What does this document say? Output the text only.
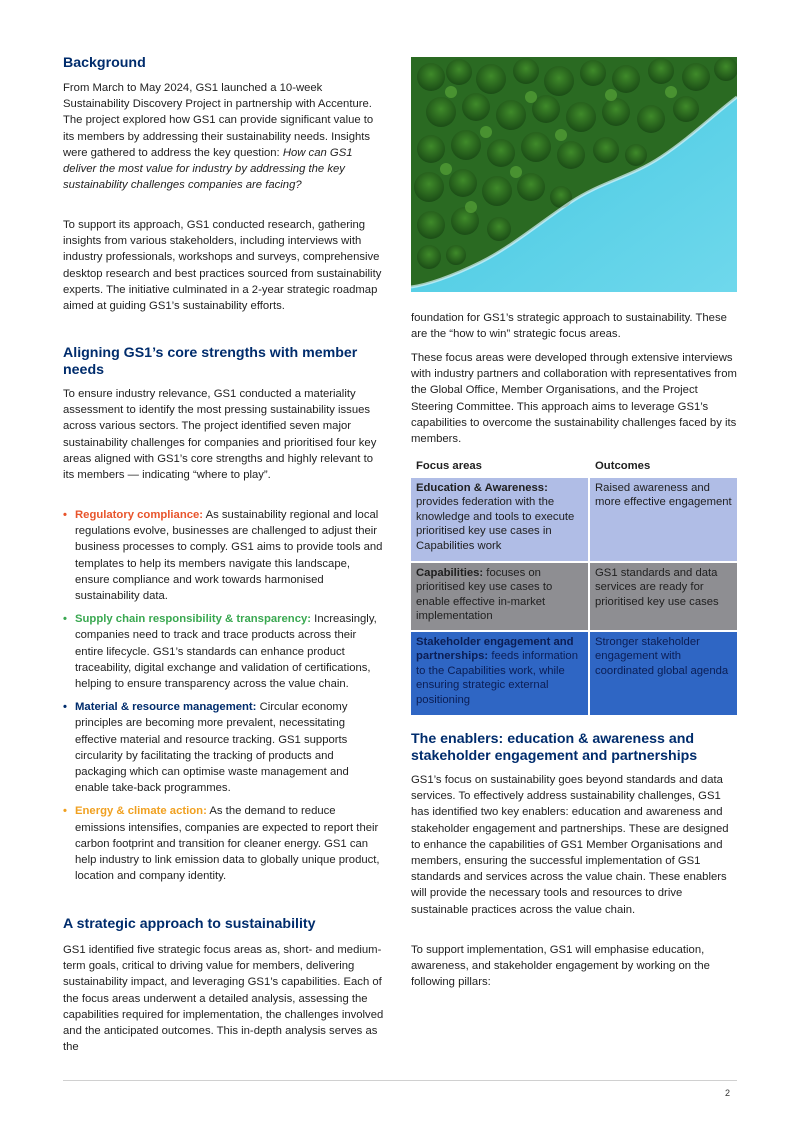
Background

From March to May 2024, GS1 launched a 10-week Sustainability Discovery Project in partnership with Accenture. The project explored how GS1 can provide significant value to its members by addressing their sustainability needs. Insights were gathered to address the key question: How can GS1 deliver the most value for industry by addressing the key sustainability challenges companies are facing?

To support its approach, GS1 conducted research, gathering insights from various stakeholders, including interviews with industry professionals, workshops and surveys, comprehensive desktop research and best practices sourced from sustainability experts. The initiative culminated in a 2-year strategic roadmap aimed at guiding GS1’s sustainability efforts.

Aligning GS1’s core strengths with member needs

To ensure industry relevance, GS1 conducted a materiality assessment to identify the most pressing sustainability issues across various sectors. The project identified seven major sustainability challenges for companies and prioritised four key areas aligned with GS1’s core strengths and highly relevant to its members — indicating “where to play”.

• Regulatory compliance: As sustainability regional and local regulations evolve, businesses are challenged to adjust their business processes to comply. GS1 aims to provide tools and templates to help its members navigate this landscape, ensure compliance and work towards harmonised sustainability data.
• Supply chain responsibility & transparency: Increasingly, companies need to track and trace products across their entire lifecycle. GS1’s standards can enhance product traceability, digital exchange and validation of certifications, helping to ensure transparency across the value chain.
• Material & resource management: Circular economy principles are becoming more prevalent, necessitating effective material and resource tracking. GS1 supports circularity by facilitating the tracking of products and packaging which can optimise waste management and enable take-back programmes.
• Energy & climate action: As the demand to reduce emissions intensifies, companies are expected to report their carbon footprint and transition for cleaner energy. GS1 can help industry to link emission data to globally unique product, location and company identity.
A strategic approach to sustainability

GS1 identified five strategic focus areas as, short- and medium-term goals, critical to driving value for members, delivering sustainability impact, and leveraging GS1’s capabilities. Each of the focus areas underwent a detailed analysis, assessing the capabilities required for implementation, the challenges involved and the anticipated outcomes. This in-depth analysis serves as the

foundation for GS1’s strategic approach to sustainability. These are the “how to win” strategic focus areas.

These focus areas were developed through extensive interviews with industry partners and collaboration with representatives from the Global Office, Member Organisations, and the Project Steering Committee. This approach aims to leverage GS1’s capabilities to overcome the sustainability challenges faced by its members.

Focus areas		Outcomes
Education & Awareness: provides federation with the knowledge and tools to execute prioritised key use cases in Capabilities work		Raised awareness and more effective engagement

Capabilities: focuses on prioritised key use cases to enable effective in-market implementation		GS1 standards and data services are ready for prioritised key use cases

Stakeholder engagement and partnerships: feeds information to the Capabilities work, while ensuring strategic external positioning		Stronger stakeholder engagement with coordinated global agenda
The enablers: education & awareness and stakeholder engagement and partnerships

GS1’s focus on sustainability goes beyond standards and data services. To effectively address sustainability challenges, GS1 has identified two key enablers: education and awareness and stakeholder engagement and partnerships. These are designed to enhance the capabilities of GS1 Member Organisations and members, ensuring the successful implementation of GS1 standards and services across the value chain. These enablers will provide the necessary tools and resources to drive sustainable practices across the value chain.

To support implementation, GS1 will emphasise education, awareness, and stakeholder engagement by working on the following pillars:

2
